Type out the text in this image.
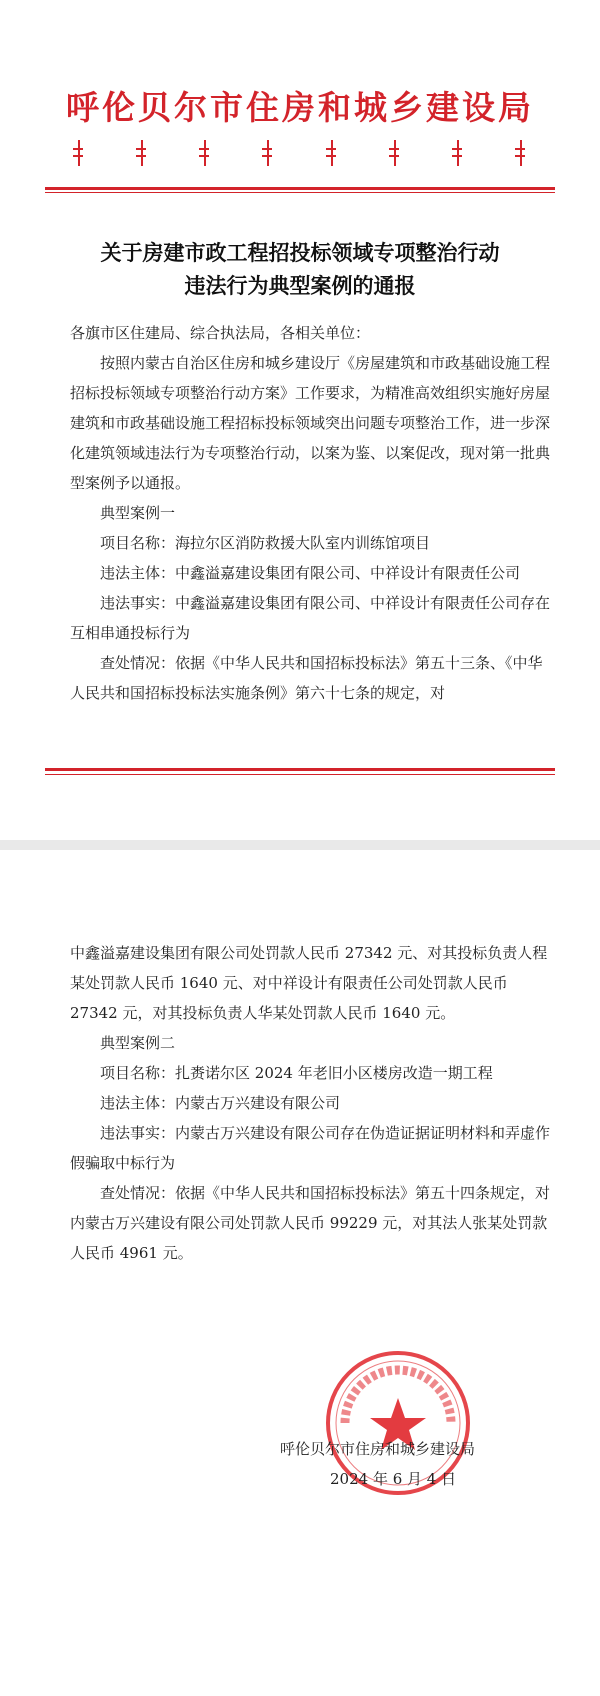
呼伦贝尔市住房和城乡建设局
关于房建市政工程招投标领域专项整治行动
违法行为典型案例的通报

各旗市区住建局、综合执法局，各相关单位：

按照内蒙古自治区住房和城乡建设厅《房屋建筑和市政基础设施工程招标投标领域专项整治行动方案》工作要求，为精准高效组织实施好房屋建筑和市政基础设施工程招标投标领域突出问题专项整治工作，进一步深化建筑领域违法行为专项整治行动，以案为鉴、以案促改，现对第一批典型案例予以通报。

典型案例一

项目名称：海拉尔区消防救援大队室内训练馆项目

违法主体：中鑫溢嘉建设集团有限公司、中祥设计有限责任公司

违法事实：中鑫溢嘉建设集团有限公司、中祥设计有限责任公司存在互相串通投标行为

查处情况：依据《中华人民共和国招标投标法》第五十三条、《中华人民共和国招标投标法实施条例》第六十七条的规定，对

中鑫溢嘉建设集团有限公司处罚款人民币 27342 元、对其投标负责人程某处罚款人民币 1640 元、对中祥设计有限责任公司处罚款人民币 27342 元，对其投标负责人华某处罚款人民币 1640 元。

典型案例二

项目名称：扎赉诺尔区 2024 年老旧小区楼房改造一期工程

违法主体：内蒙古万兴建设有限公司

违法事实：内蒙古万兴建设有限公司存在伪造证据证明材料和弄虚作假骗取中标行为

查处情况：依据《中华人民共和国招标投标法》第五十四条规定，对内蒙古万兴建设有限公司处罚款人民币 99229 元，对其法人张某处罚款人民币 4961 元。

呼伦贝尔市住房和城乡建设局
2024 年 6 月 4 日
